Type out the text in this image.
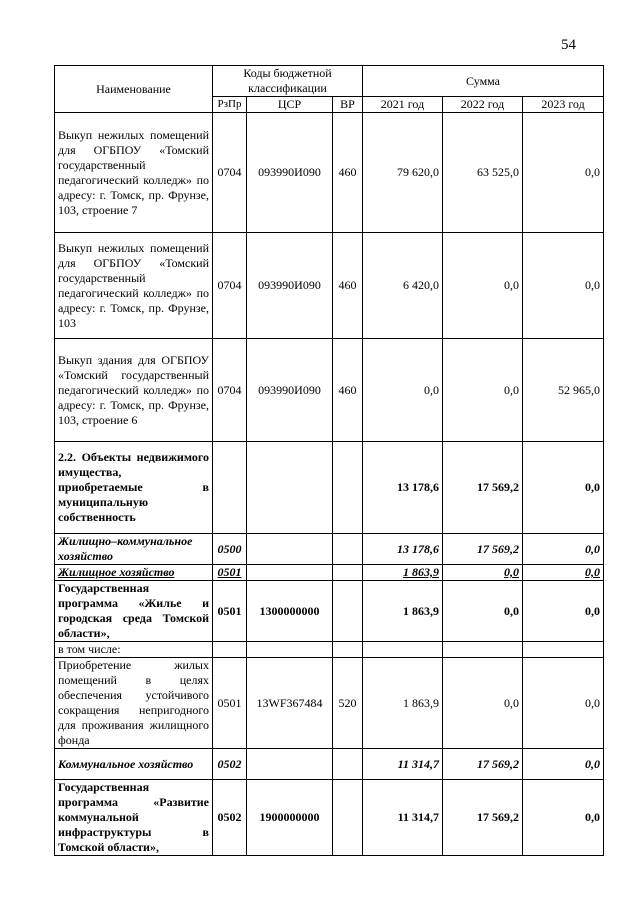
54
Наименование	Коды бюджетной классификации			Сумма		
	РзПр	ЦСР	ВР	2021 год	2022 год	2023 год
Выкуп нежилых помещений для ОГБПОУ «Томский государственный педагогический колледж» по адресу: г. Томск, пр. Фрунзе, 103, строение 7	0704	093990И090	460	79 620,0	63 525,0	0,0
Выкуп нежилых помещений для ОГБПОУ «Томский государственный педагогический колледж» по адресу: г. Томск, пр. Фрунзе, 103	0704	093990И090	460	6 420,0	0,0	0,0
Выкуп здания для ОГБПОУ «Томский государственный педагогический колледж» по адресу: г. Томск, пр. Фрунзе, 103, строение 6	0704	093990И090	460	0,0	0,0	52 965,0
2.2. Объекты недвижимого имущества, приобретаемые в муниципальную собственность				13 178,6	17 569,2	0,0
Жилищно–коммунальное хозяйство	0500			13 178,6	17 569,2	0,0
Жилищное хозяйство	0501			1 863,9	0,0	0,0
Государственная программа «Жилье и городская среда Томской области»,	0501	1300000000		1 863,9	0,0	0,0
в том числе:						
Приобретение жилых помещений в целях обеспечения устойчивого сокращения непригодного для проживания жилищного фонда	0501	13WF367484	520	1 863,9	0,0	0,0
Коммунальное хозяйство	0502			11 314,7	17 569,2	0,0
Государственная программа «Развитие коммунальной инфраструктуры в Томской области»,	0502	1900000000		11 314,7	17 569,2	0,0
